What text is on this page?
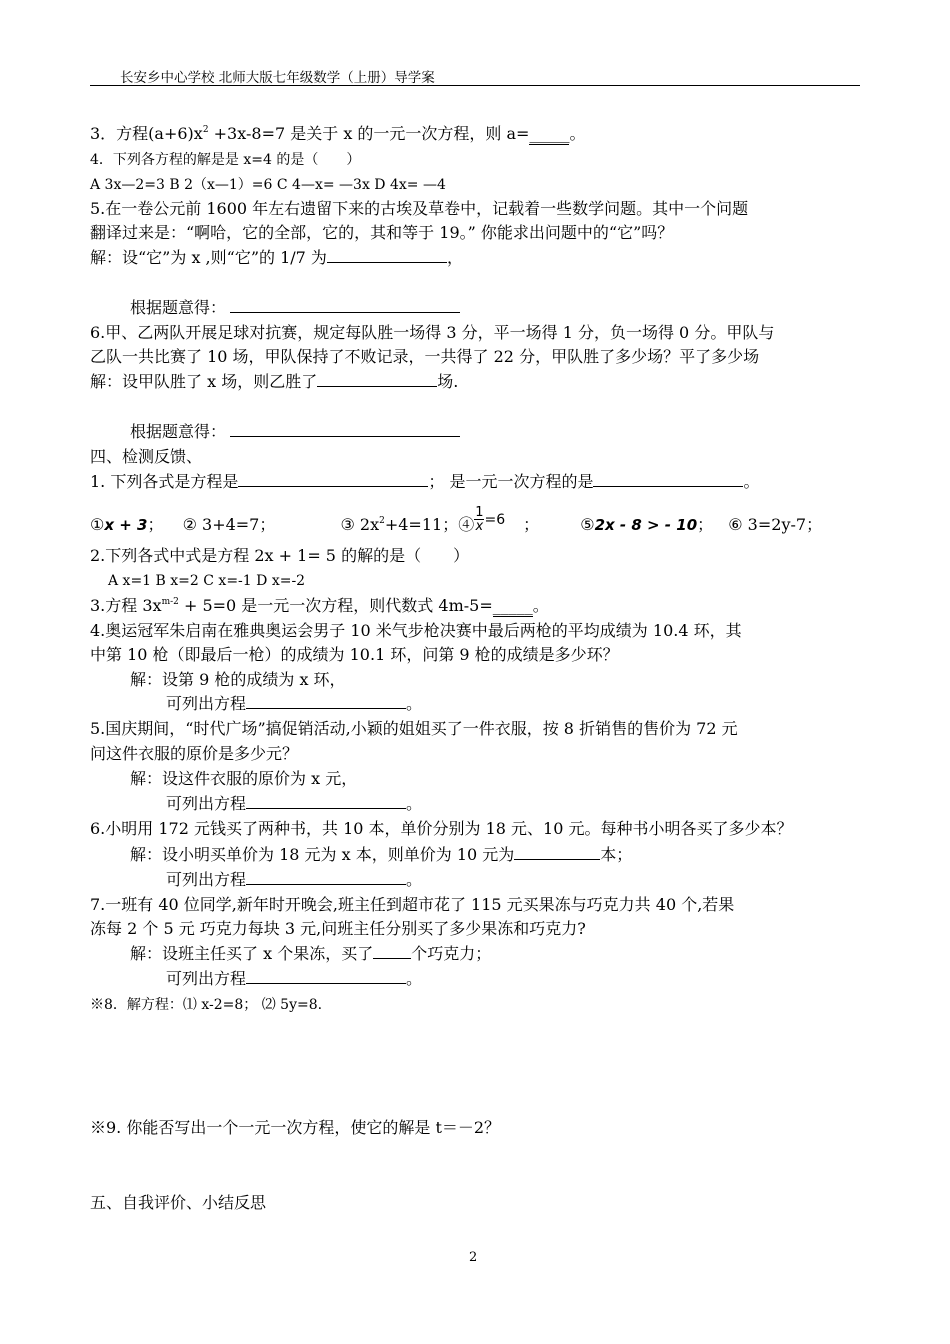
长安乡中心学校 北师大版七年级数学（上册）导学案
3．方程$(a+6)x^2 +3x-8=7$ 是关于 x 的一元一次方程，则 a=_____。
4．下列各方程的解是是 x=4 的是（　　）
A 3x—2=3 B 2（x—1）=6 C 4—x= —3x D 4x= —4
5.在一卷公元前 1600 年左右遗留下来的古埃及草卷中，记载着一些数学问题。其中一个问题
翻译过来是：“啊哈，它的全部，它的，其和等于 19。” 你能求出问题中的“它”吗？
解：设“它”为 x ,则“它”的 1/7 为	，
根据题意得：
6.甲、乙两队开展足球对抗赛，规定每队胜一场得 3 分，平一场得 1 分，负一场得 0 分。甲队与
乙队一共比赛了 10 场，甲队保持了不败记录，一共得了 22 分，甲队胜了多少场？平了多少场
解：设甲队胜了 x 场，则乙胜了	场.
根据题意得：
四、检测反馈、
1. 下列各式是方程是	； 是一元一次方程的是	。
①x + 3； ② 3+4=7；	③ $2x^2+4=11$；④ $\frac{1}{x} =6$ ；	⑤2x - 8 > - 10； ⑥ 3=2y-7；
2.下列各式中式是方程 2x + 1= 5 的解的是（　　）
A x=1 B x=2 C x=-1 D x=-2
3.方程 $3x^{m-2} + 5=0$ 是一元一次方程，则代数式 4m-5=_____。
4.奥运冠军朱启南在雅典奥运会男子 10 米气步枪决赛中最后两枪的平均成绩为 10.4 环，其
中第 10 枪（即最后一枪）的成绩为 10.1 环，问第 9 枪的成绩是多少环？
解：设第 9 枪的成绩为 x 环，
可列出方程	。
5.国庆期间，“时代广场”搞促销活动,小颖的姐姐买了一件衣服，按 8 折销售的售价为 72 元
问这件衣服的原价是多少元？
解：设这件衣服的原价为 x 元，
可列出方程	。
6.小明用 172 元钱买了两种书，共 10 本，单价分别为 18 元、10 元。每种书小明各买了多少本？
解：设小明买单价为 18 元为 x 本，则单价为 10 元为	本；
可列出方程	。
7.一班有 40 位同学,新年时开晚会,班主任到超市花了 115 元买果冻与巧克力共 40 个,若果
冻每 2 个 5 元 巧克力每块 3 元,问班主任分别买了多少果冻和巧克力?
解：设班主任买了 x 个果冻，买了 个巧克力；
可列出方程	。
※8．解方程：⑴ x-2=8； ⑵ 5y=8.
※9. 你能否写出一个一元一次方程，使它的解是 t＝－2？
五、自我评价、小结反思
2
